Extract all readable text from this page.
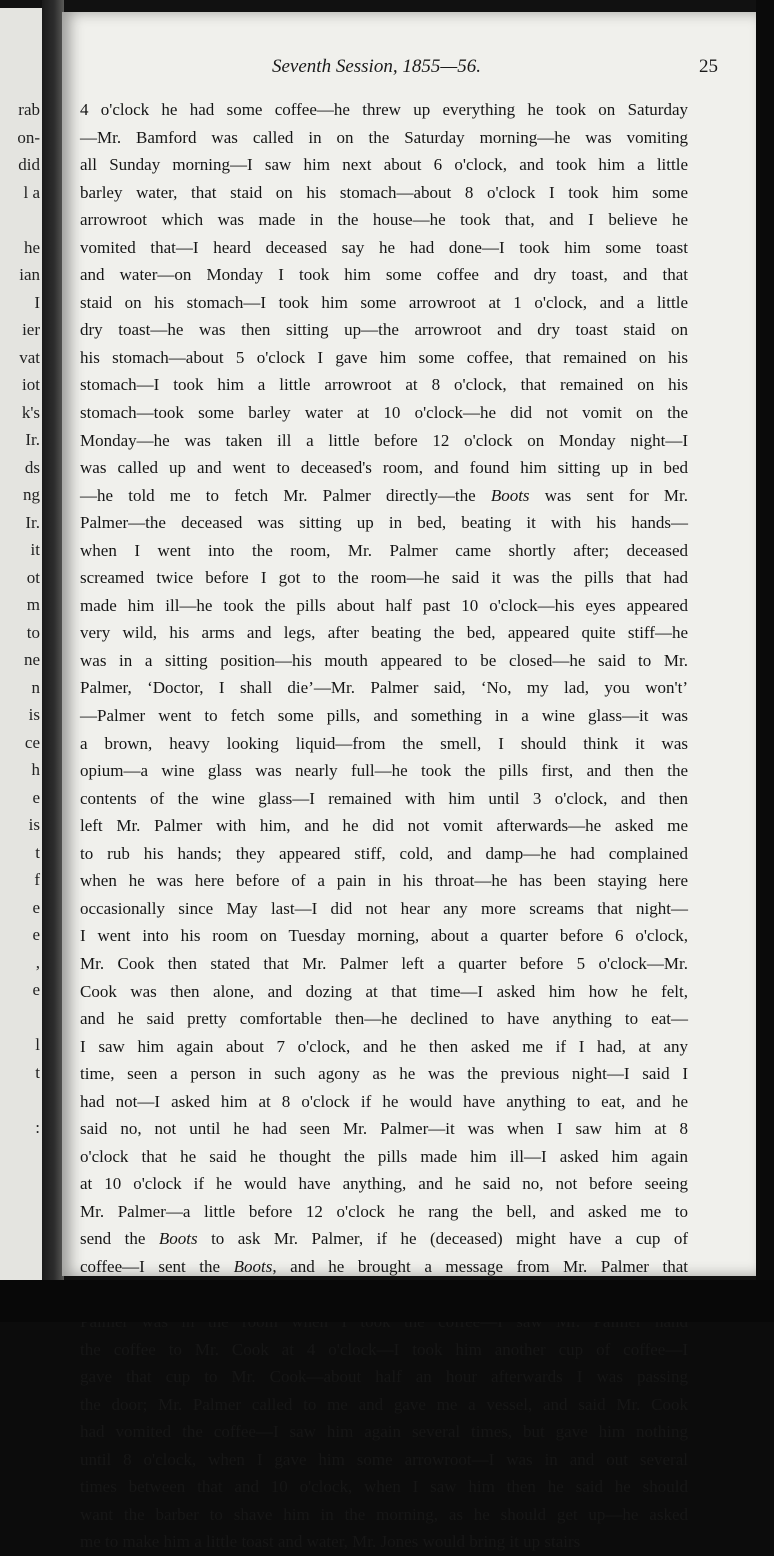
rab
on-
did
l a
he
ian
I
ier
vat
iot
k's
Ir.
ds
ng
Ir.
it
ot
m
to
ne
n
is
ce
h
e
is
t
f
e
e
,
e
l
t
:
Seventh Session, 1855—56.	25
4 o'clock he had some coffee—he threw up everything he took on Saturday
—Mr. Bamford was called in on the Saturday morning—he was vomiting
all Sunday morning—I saw him next about 6 o'clock, and took him a little
barley water, that staid on his stomach—about 8 o'clock I took him some
arrowroot which was made in the house—he took that, and I believe he
vomited that—I heard deceased say he had done—I took him some toast
and water—on Monday I took him some coffee and dry toast, and that
staid on his stomach—I took him some arrowroot at 1 o'clock, and a little
dry toast—he was then sitting up—the arrowroot and dry toast staid on
his stomach—about 5 o'clock I gave him some coffee, that remained on his
stomach—I took him a little arrowroot at 8 o'clock, that remained on his
stomach—took some barley water at 10 o'clock—he did not vomit on the
Monday—he was taken ill a little before 12 o'clock on Monday night—I
was called up and went to deceased's room, and found him sitting up in bed
—he told me to fetch Mr. Palmer directly—the Boots was sent for Mr.
Palmer—the deceased was sitting up in bed, beating it with his hands—
when I went into the room, Mr. Palmer came shortly after; deceased
screamed twice before I got to the room—he said it was the pills that had
made him ill—he took the pills about half past 10 o'clock—his eyes appeared
very wild, his arms and legs, after beating the bed, appeared quite stiff—he
was in a sitting position—his mouth appeared to be closed—he said to Mr.
Palmer, ‘Doctor, I shall die’—Mr. Palmer said, ‘No, my lad, you won't’
—Palmer went to fetch some pills, and something in a wine glass—it was
a brown, heavy looking liquid—from the smell, I should think it was
opium—a wine glass was nearly full—he took the pills first, and then the
contents of the wine glass—I remained with him until 3 o'clock, and then
left Mr. Palmer with him, and he did not vomit afterwards—he asked me
to rub his hands; they appeared stiff, cold, and damp—he had complained
when he was here before of a pain in his throat—he has been staying here
occasionally since May last—I did not hear any more screams that night—
I went into his room on Tuesday morning, about a quarter before 6 o'clock,
Mr. Cook then stated that Mr. Palmer left a quarter before 5 o'clock—Mr.
Cook was then alone, and dozing at that time—I asked him how he felt,
and he said pretty comfortable then—he declined to have anything to eat—
I saw him again about 7 o'clock, and he then asked me if I had, at any
time, seen a person in such agony as he was the previous night—I said I
had not—I asked him at 8 o'clock if he would have anything to eat, and he
said no, not until he had seen Mr. Palmer—it was when I saw him at 8
o'clock that he said he thought the pills made him ill—I asked him again
at 10 o'clock if he would have anything, and he said no, not before seeing
Mr. Palmer—a little before 12 o'clock he rang the bell, and asked me to
send the Boots to ask Mr. Palmer, if he (deceased) might have a cup of
coffee—I sent the Boots, and he brought a message from Mr. Palmer that
the coffee to Mr. Cook at 4 o'clock—I took him another cup of coffee—I
gave that cup to Mr. Cook—about half an hour afterwards I was passing
the door; Mr. Palmer called to me and gave me a vessel, and said Mr. Cook
had vomited the coffee—I saw him again several times, but gave him nothing
until 8 o'clock, when I gave him some arrowroot—I was in and out several
times between that and 10 o'clock, when I saw him then he said he should
want the barber to shave him in the morning, as he should get up—he asked
me to make him a little toast and water, Mr. Jones would bring it up stairs
